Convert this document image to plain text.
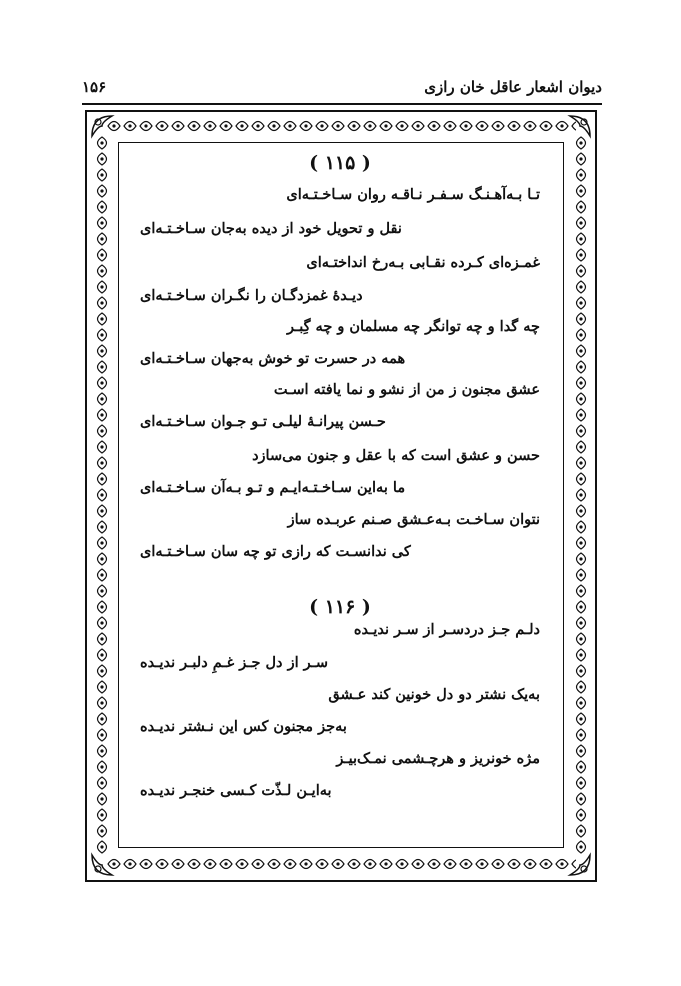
دیوان اشعار عاقل خان رازی
۱۵۶
( ۱۱۵ )
تـا بـه‌آهـنـگ سـفـر نـاقـه روان سـاخـتـه‌ای
نقل و تحویل خود از دیده به‌جان سـاخـتـه‌ای
غمـزه‌ای کـرده نقـابی بـه‌رخ انداختـه‌ای
دیـدۀ غمزدگـان را نگـران سـاخـتـه‌ای
چه گدا و چه توانگر چه مسلمان و چه گِبـر
همه در حسرت تو خوش به‌جهان سـاخـتـه‌ای
عشق مجنون ز من از نشو و نما یافته اسـت
حـسن پیرانـۀ لیلـی تـو جـوان سـاخـتـه‌ای
حسن و عشق است که با عقل و جنون می‌سازد
ما به‌این سـاخـتـه‌ایـم و تـو بـه‌آن سـاخـتـه‌ای
نتوان سـاخـت بـه‌عـشق صـنم عربـده ساز
کی ندانسـت که رازی تو چه سان سـاخـتـه‌ای
( ۱۱۶ )
دلـم جـز دردسـر از سـر ندیـده
سـر از دل جـز غـمِ دلبـر ندیـده
به‌یک نشتر دو دل خونین کند عـشق
به‌جز مجنون کس این نـشتر ندیـده
مژه خونریز و هرچـشمی نمـک‌بیـز
به‌ایـن لـذّت کـسی خنجـر ندیـده
